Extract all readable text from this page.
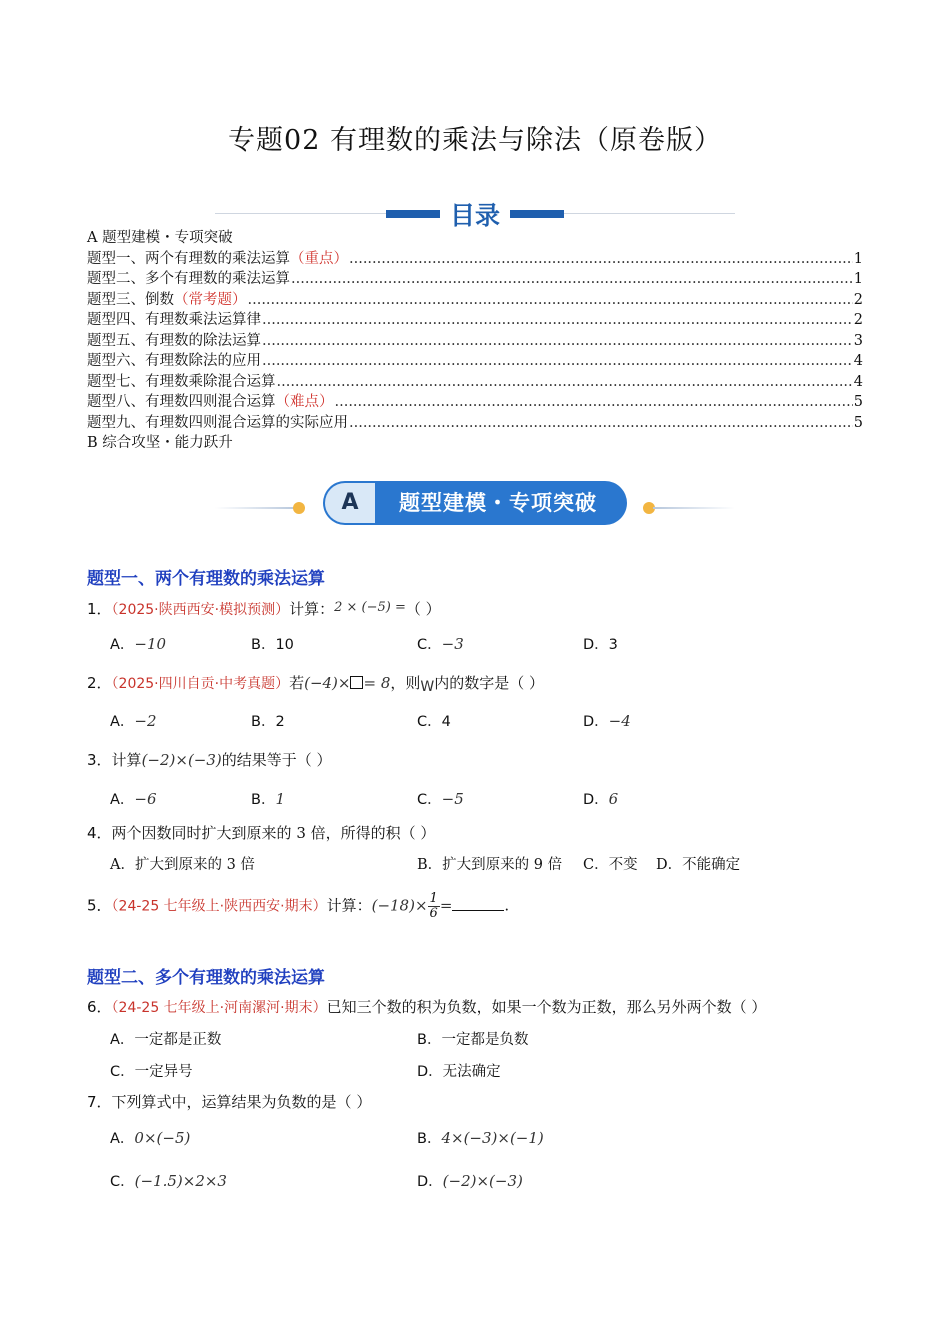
专题02 有理数的乘法与除法（原卷版）
目录
A 题型建模・专项突破
题型一、两个有理数的乘法运算 （重点） .....	1
题型二、多个有理数的乘法运算 .....	1
题型三、倒数 （常考题） .....	2
题型四、有理数乘法运算律 .....	2
题型五、有理数的除法运算 .....	3
题型六、有理数除法的应用 .....	4
题型七、有理数乘除混合运算 .....	4
题型八、有理数四则混合运算 （难点） .....	5
题型九、有理数四则混合运算的实际应用 .....	5
B 综合攻坚・能力跃升
A	题型建模・专项突破
题型一、两个有理数的乘法运算
1．（2025·陕西西安·模拟预测）计算：2 × (−5) =（ ）
A．−10	B．10	C．−3	D．3
2．（2025·四川自贡·中考真题）若(−4)× = 8，则W内的数字是（ ）
A．−2	B．2	C．4	D．−4
3．计算(−2)×(−3)的结果等于（ ）
A．−6	B．1	C．−5	D．6
4．两个因数同时扩大到原来的 3 倍，所得的积（ ）
A．扩大到原来的 3 倍	B．扩大到原来的 9 倍 C．不变 D．不能确定
5．（24-25 七年级上·陕西西安·期末）计算：$(-18)\times \frac{1}{6}$ =	.
题型二、多个有理数的乘法运算
6．（24-25 七年级上·河南漯河·期末）已知三个数的积为负数，如果一个数为正数，那么另外两个数（ ）
A．一定都是正数	B．一定都是负数
C．一定异号	D．无法确定
7．下列算式中，运算结果为负数的是（ ）
A．0×(−5)	B．4×(−3)×(−1)
C．(−1.5)×2×3	D．(−2)×(−3)
